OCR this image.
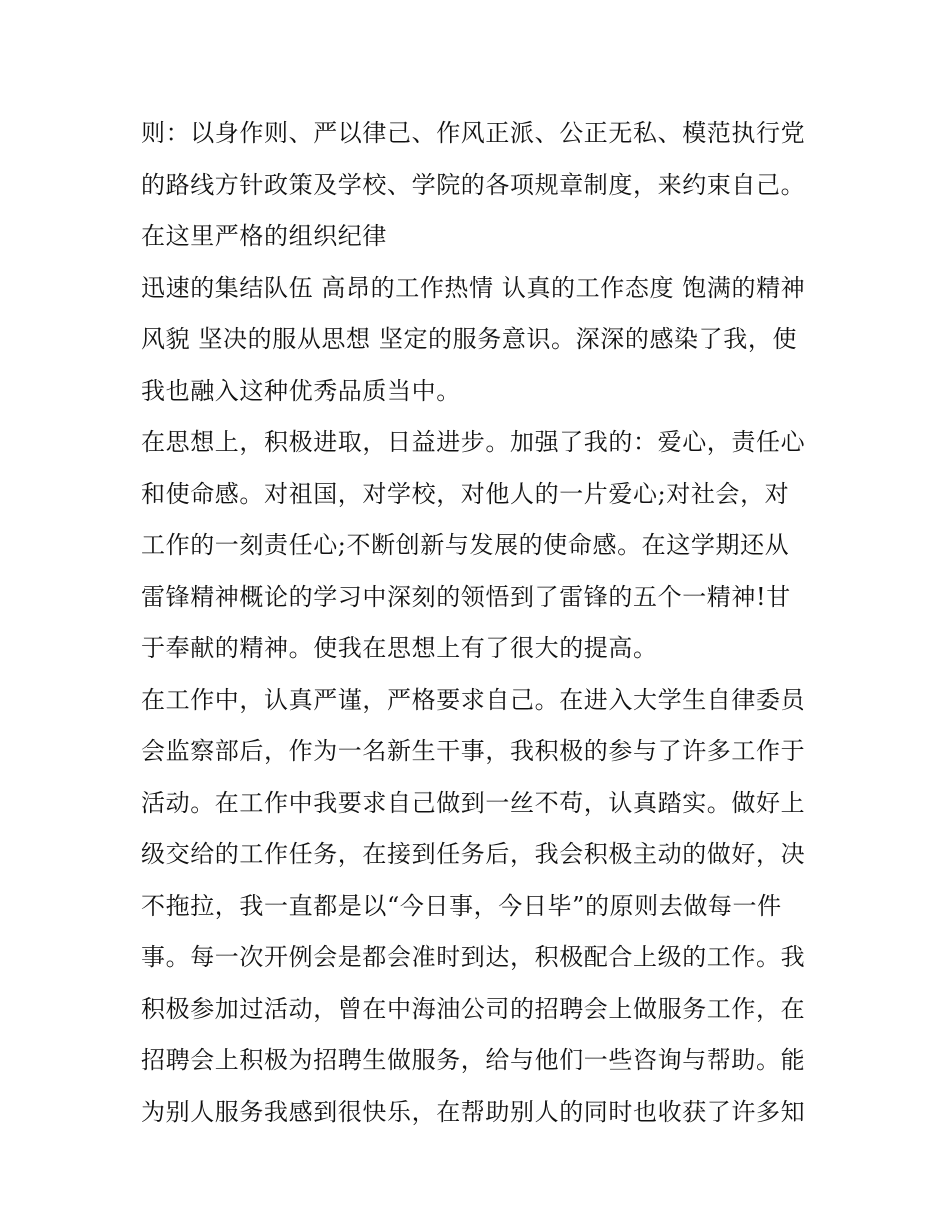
则：以身作则、严以律己、作风正派、公正无私、模范执行党
的路线方针政策及学校、学院的各项规章制度，来约束自己。
在这里严格的组织纪律
迅速的集结队伍 高昂的工作热情 认真的工作态度 饱满的精神
风貌 坚决的服从思想 坚定的服务意识。深深的感染了我，使
我也融入这种优秀品质当中。
在思想上，积极进取，日益进步。加强了我的：爱心，责任心
和使命感。对祖国，对学校，对他人的一片爱心;对社会，对
工作的一刻责任心;不断创新与发展的使命感。在这学期还从
雷锋精神概论的学习中深刻的领悟到了雷锋的五个一精神!甘
于奉献的精神。使我在思想上有了很大的提高。
在工作中，认真严谨，严格要求自己。在进入大学生自律委员
会监察部后，作为一名新生干事，我积极的参与了许多工作于
活动。在工作中我要求自己做到一丝不苟，认真踏实。做好上
级交给的工作任务，在接到任务后，我会积极主动的做好，决
不拖拉，我一直都是以“今日事，今日毕”的原则去做每一件
事。每一次开例会是都会准时到达，积极配合上级的工作。我
积极参加过活动，曾在中海油公司的招聘会上做服务工作，在
招聘会上积极为招聘生做服务，给与他们一些咨询与帮助。能
为别人服务我感到很快乐，在帮助别人的同时也收获了许多知
